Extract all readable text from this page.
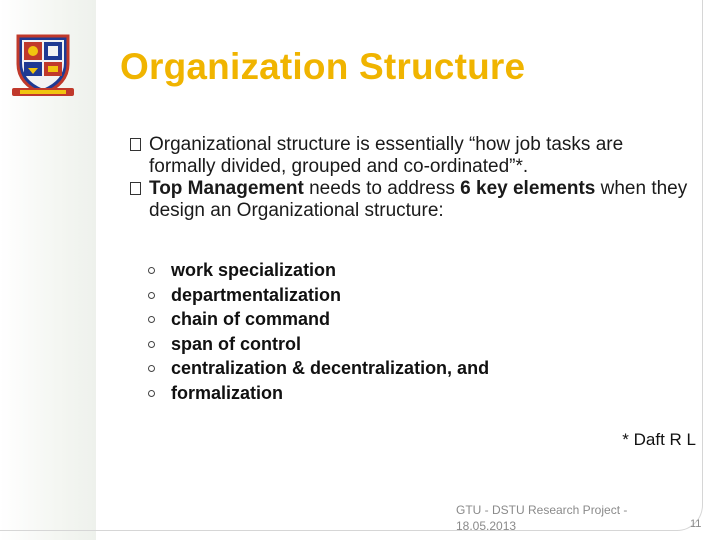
Organization Structure
Organizational structure is essentially “how job tasks are formally divided, grouped and co-ordinated”*.
Top Management needs to address 6 key elements when they design an Organizational structure:
work specialization
departmentalization
chain of command
span of control
centralization & decentralization, and
formalization
* Daft R L
GTU - DSTU Research Project -
18.05.2013	11
